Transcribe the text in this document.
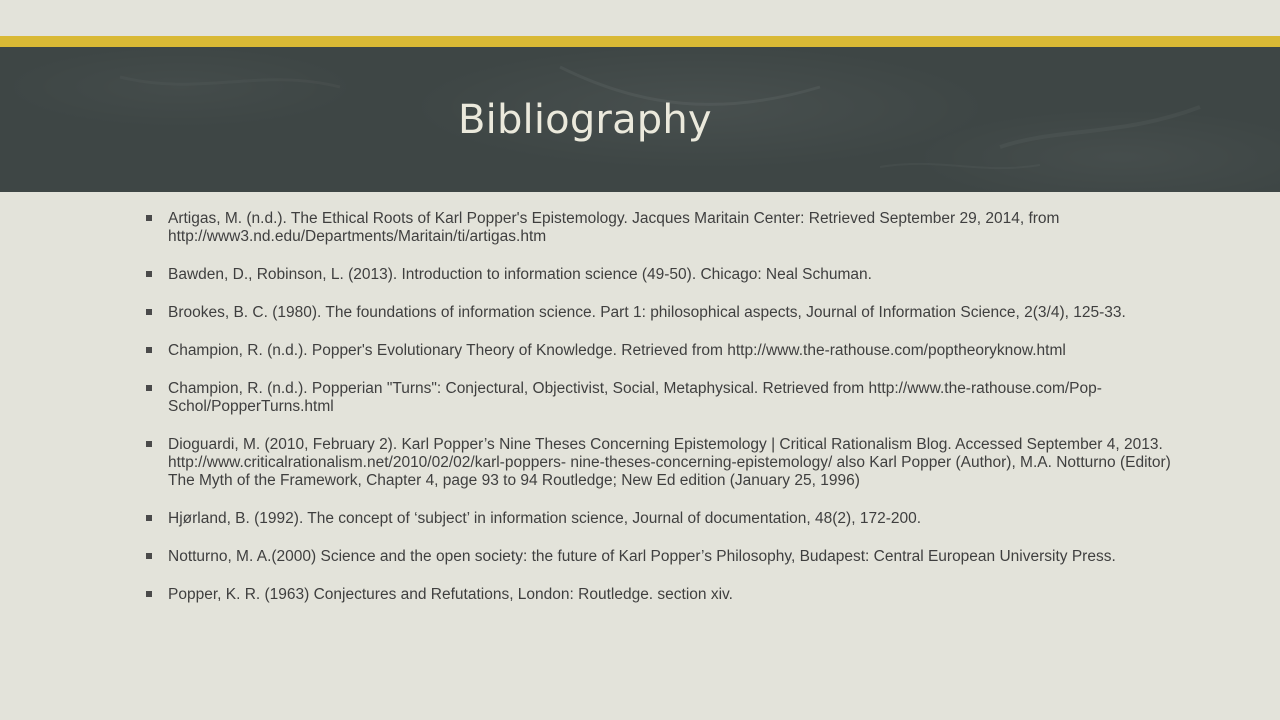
Bibliography
Artigas, M. (n.d.). The Ethical Roots of Karl Popper's Epistemology. Jacques Maritain Center: Retrieved September 29, 2014, from http://www3.nd.edu/Departments/Maritain/ti/artigas.htm
Bawden, D., Robinson, L. (2013). Introduction to information science (49-50). Chicago: Neal Schuman.
Brookes, B. C. (1980). The foundations of information science. Part 1: philosophical aspects, Journal of Information Science, 2(3/4), 125-33.
Champion, R. (n.d.). Popper's Evolutionary Theory of Knowledge. Retrieved from http://www.the-rathouse.com/poptheoryknow.html
Champion, R. (n.d.). Popperian "Turns": Conjectural, Objectivist, Social, Metaphysical. Retrieved from http://www.the-rathouse.com/Pop-Schol/PopperTurns.html
Dioguardi, M. (2010, February 2). Karl Popper’s Nine Theses Concerning Epistemology | Critical Rationalism Blog. Accessed September 4, 2013. http://www.criticalrationalism.net/2010/02/02/karl-poppers- nine-theses-concerning-epistemology/ also Karl Popper (Author), M.A. Notturno (Editor) The Myth of the Framework, Chapter 4, page 93 to 94 Routledge; New Ed edition (January 25, 1996)
Hjørland, B. (1992). The concept of ‘subject’ in information science, Journal of documentation, 48(2), 172-200.
Notturno, M. A.(2000) Science and the open society: the future of Karl Popper’s Philosophy, Budapest: Central European University Press.
Popper, K. R. (1963) Conjectures and Refutations, London: Routledge. section xiv.
